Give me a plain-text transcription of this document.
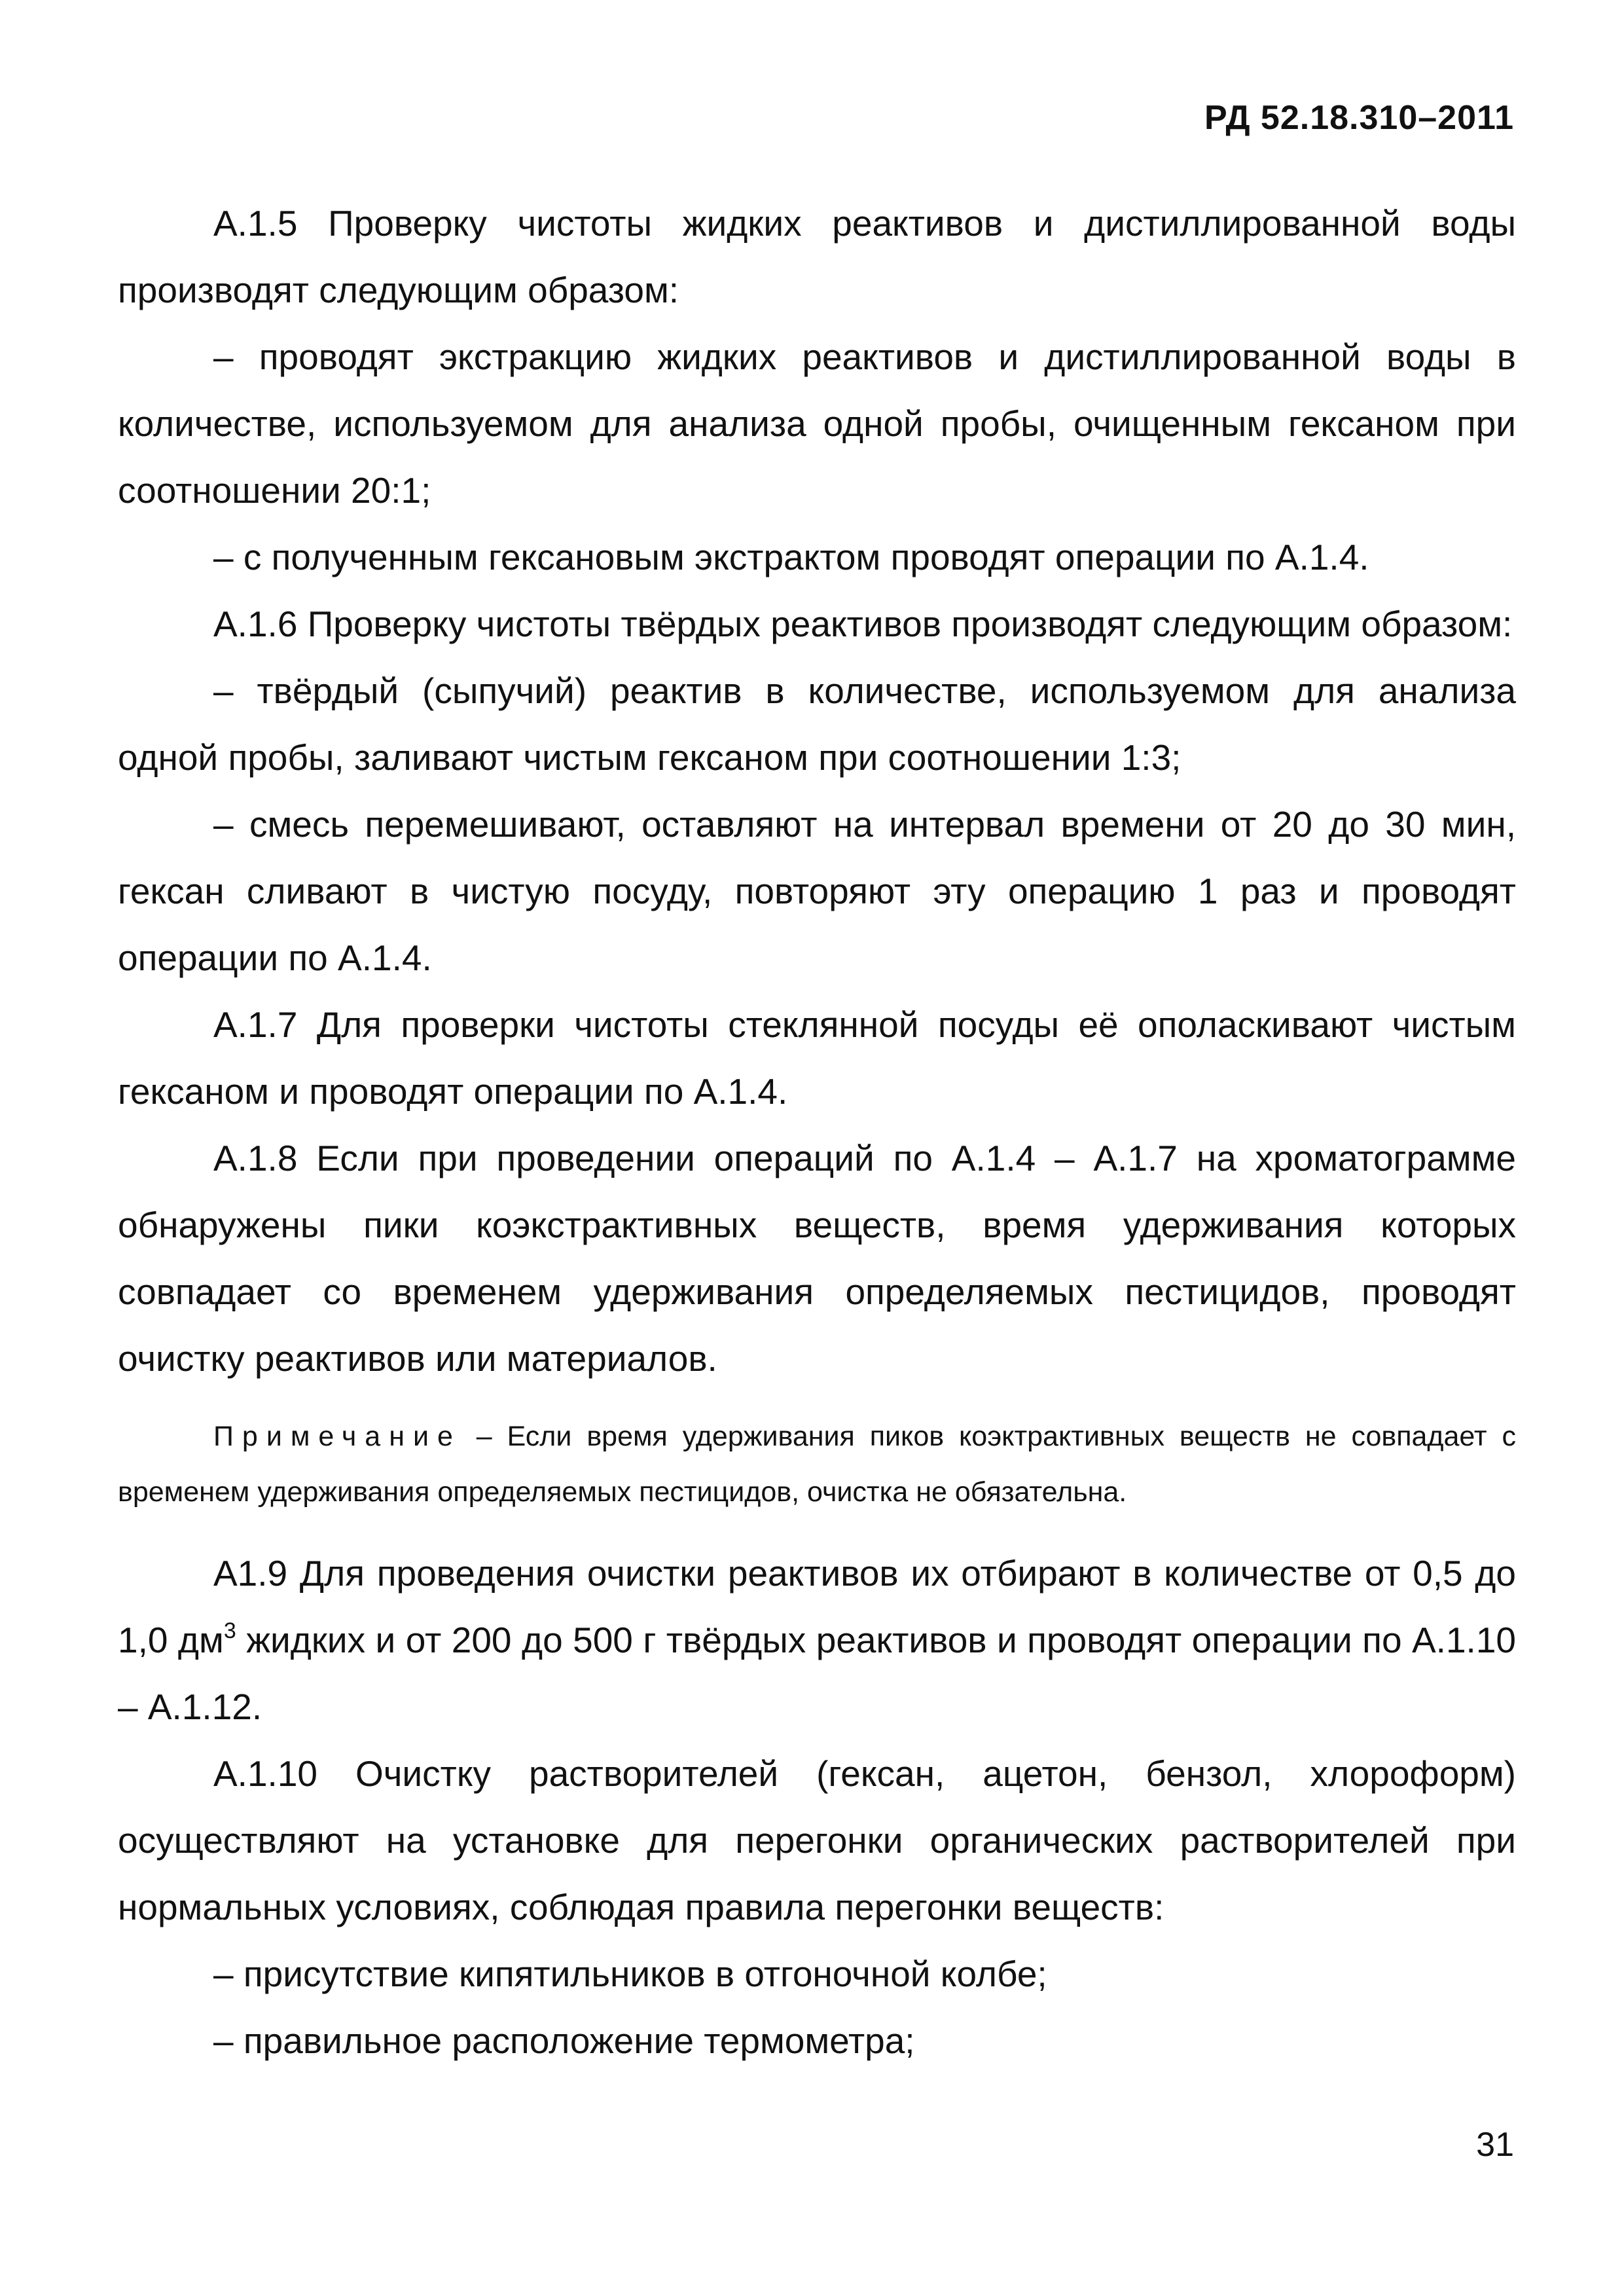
РД 52.18.310–2011

А.1.5 Проверку чистоты жидких реактивов и дистиллированной воды производят следующим образом:

– проводят экстракцию жидких реактивов и дистиллированной воды в количестве, используемом для анализа одной пробы, очищенным гексаном при соотношении 20:1;

– с полученным гексановым экстрактом проводят операции по А.1.4.

А.1.6 Проверку чистоты твёрдых реактивов производят следующим образом:

– твёрдый (сыпучий) реактив в количестве, используемом для анализа одной пробы, заливают чистым гексаном при соотношении 1:3;

– смесь перемешивают, оставляют на интервал времени от 20 до 30 мин, гексан сливают в чистую посуду, повторяют эту операцию 1 раз и проводят операции по А.1.4.

А.1.7 Для проверки чистоты стеклянной посуды её ополаскивают чистым гексаном и проводят операции по А.1.4.

А.1.8 Если при проведении операций по А.1.4 – А.1.7 на хроматограмме обнаружены пики коэкстрактивных веществ, время удерживания которых совпадает со временем удерживания определяемых пестицидов, проводят очистку реактивов или материалов.

Примечание – Если время удерживания пиков коэктрактивных веществ не совпадает с временем удерживания определяемых пестицидов, очистка не обязательна.

А1.9 Для проведения очистки реактивов их отбирают в количестве от 0,5 до 1,0 $дм^3$ жидких и от 200 до 500 г твёрдых реактивов и проводят операции по А.1.10 – А.1.12.

А.1.10 Очистку растворителей (гексан, ацетон, бензол, хлороформ) осуществляют на установке для перегонки органических растворителей при нормальных условиях, соблюдая правила перегонки веществ:

– присутствие кипятильников в отгоночной колбе;

– правильное расположение термометра;

31
